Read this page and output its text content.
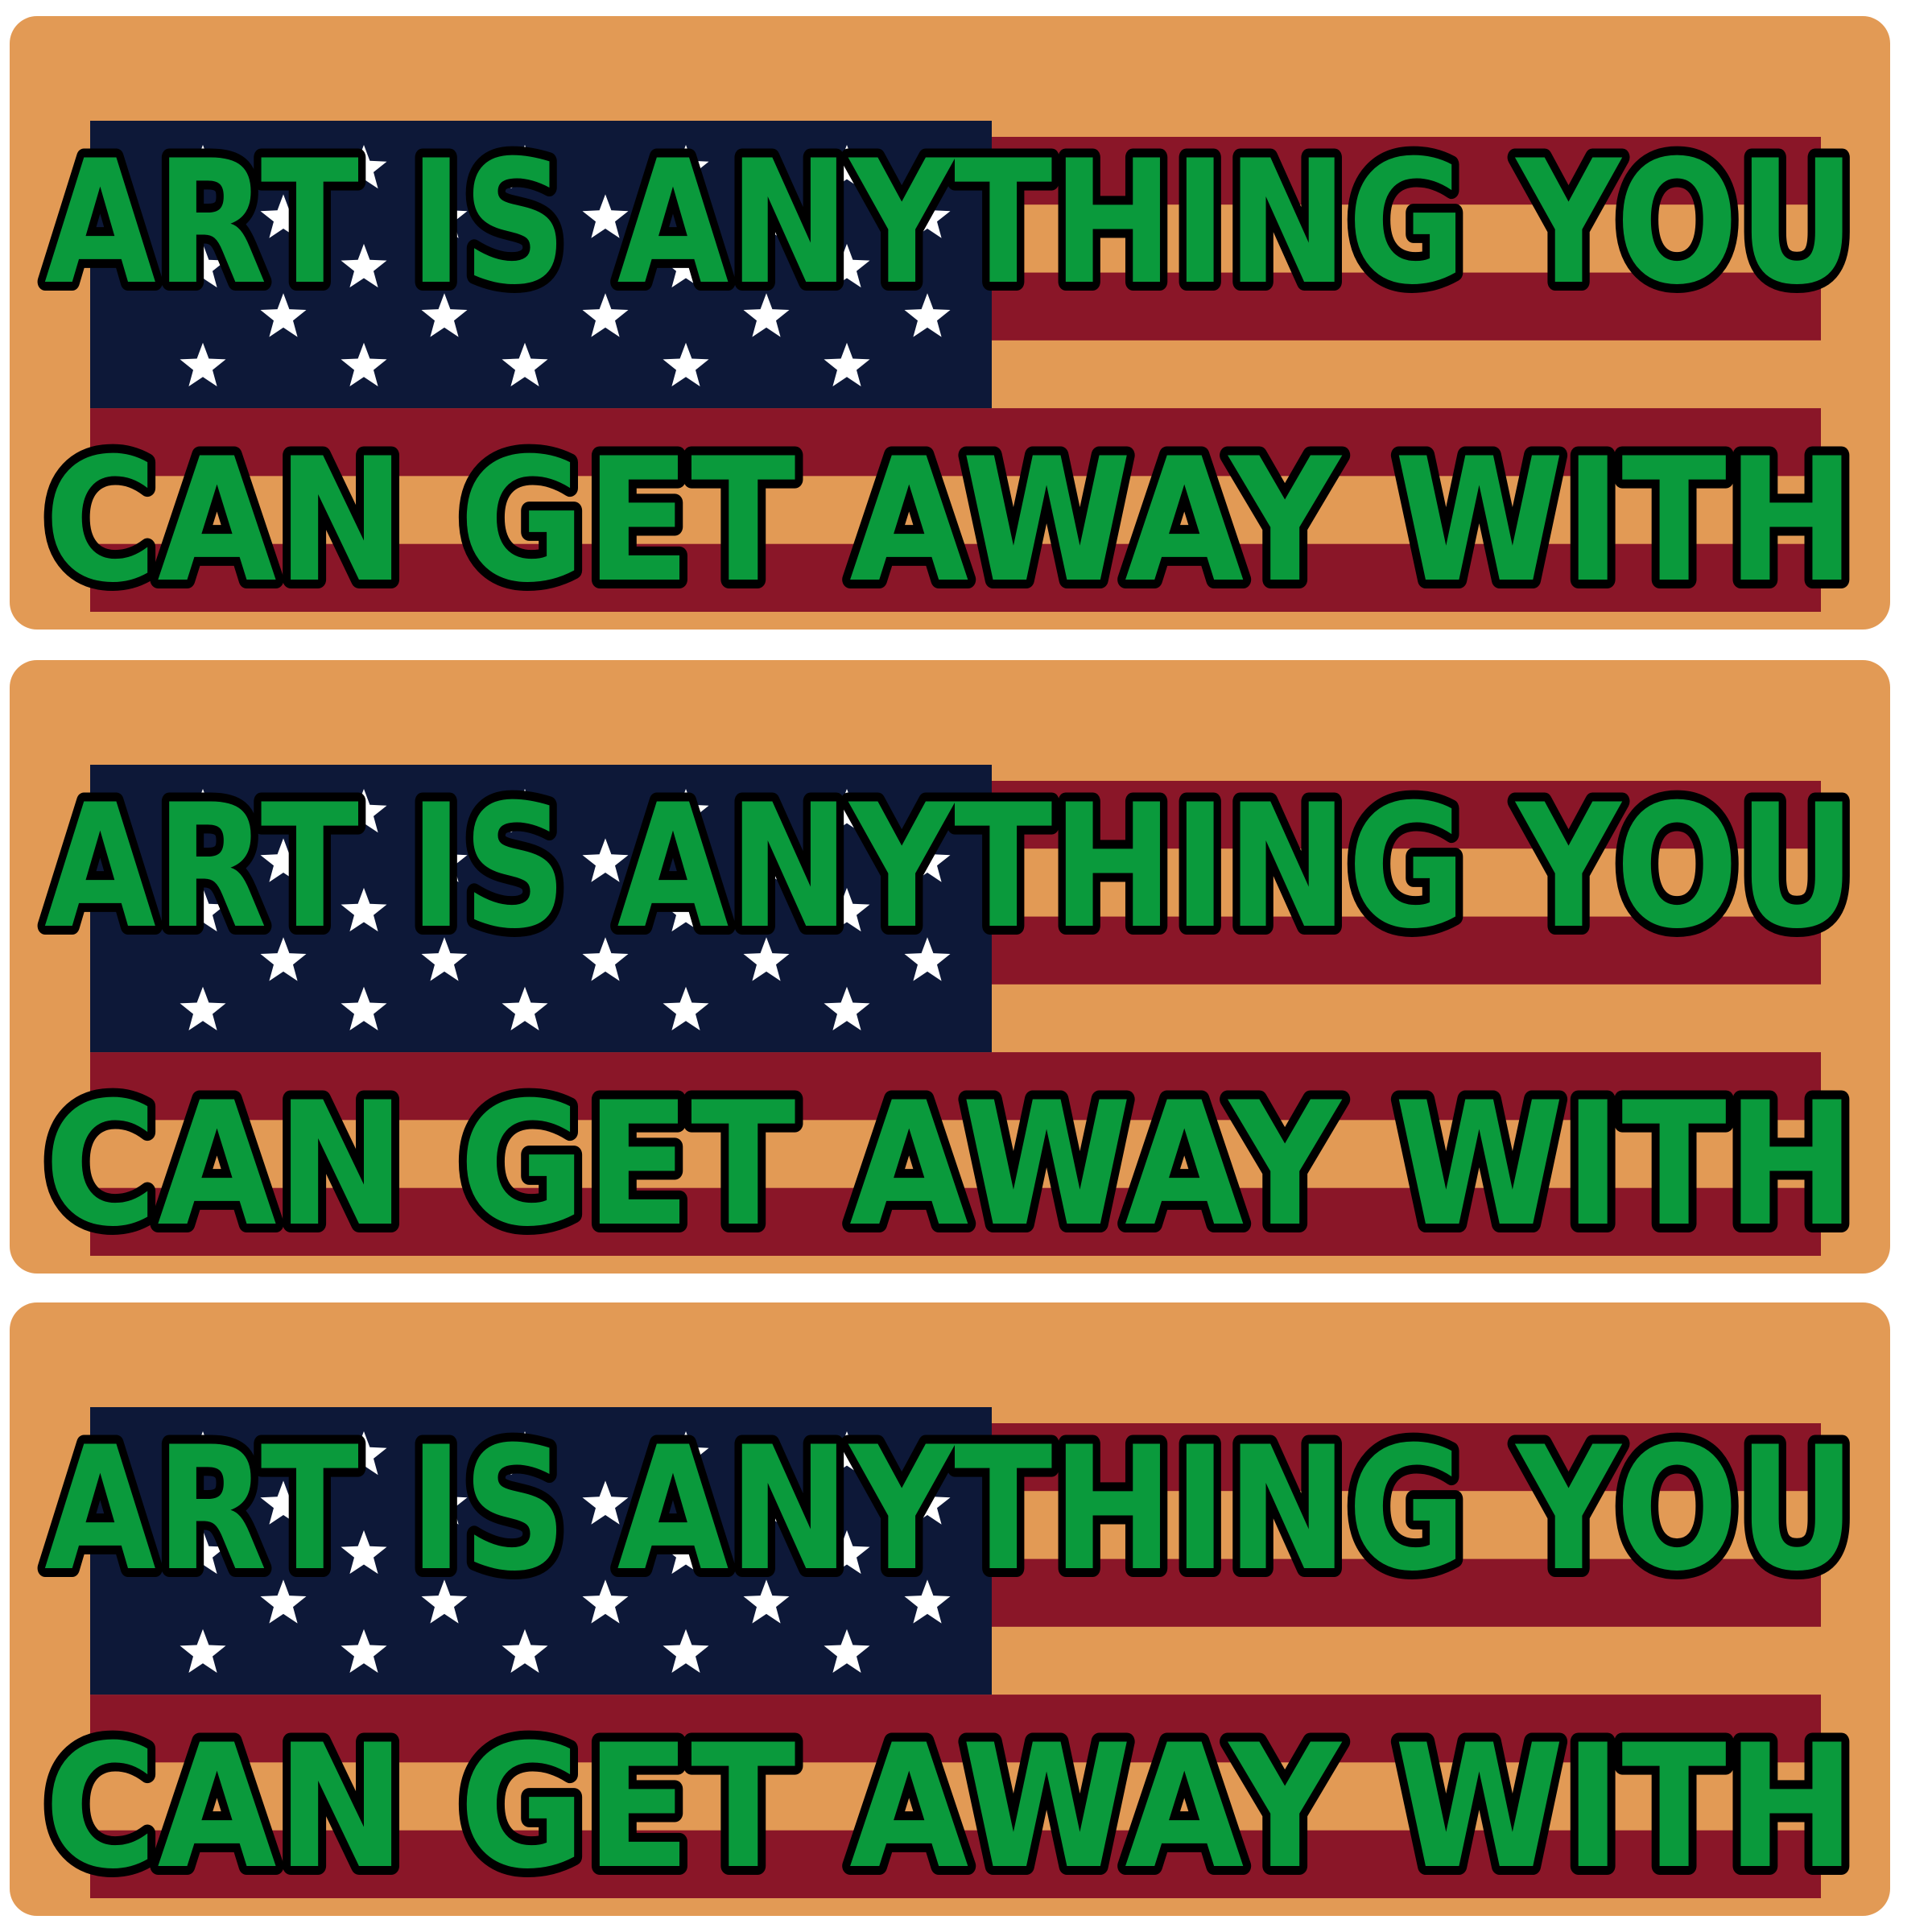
ART IS ANYTHING YOU
CAN GET AWAY WITH
ART IS ANYTHING YOU
CAN GET AWAY WITH
ART IS ANYTHING YOU
CAN GET AWAY WITH
